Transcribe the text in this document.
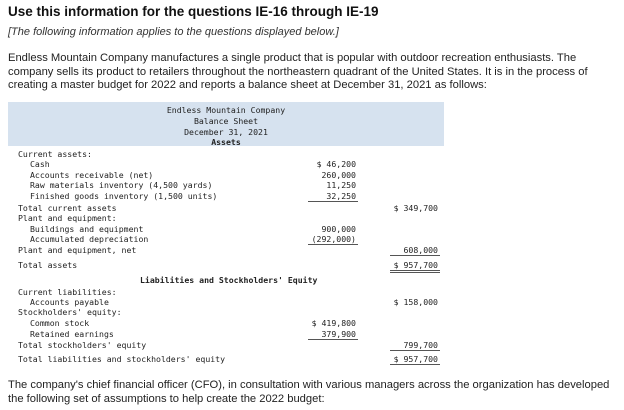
Use this information for the questions IE-16 through IE-19
[The following information applies to the questions displayed below.]
Endless Mountain Company manufactures a single product that is popular with outdoor recreation enthusiasts. The company sells its product to retailers throughout the northeastern quadrant of the United States. It is in the process of creating a master budget for 2022 and reports a balance sheet at December 31, 2021 as follows:
Endless Mountain Company
Balance Sheet
December 31, 2021
Assets
Current assets:
Cash	$ 46,200
Accounts receivable (net)	260,000
Raw materials inventory (4,500 yards)	11,250
Finished goods inventory (1,500 units)	32,250
Total current assets	$ 349,700
Plant and equipment:
Buildings and equipment	900,000
Accumulated depreciation	(292,000)
Plant and equipment, net	608,000
Total assets	$ 957,700
Liabilities and Stockholders' Equity
Current liabilities:
Accounts payable	$ 158,000
Stockholders' equity:
Common stock	$ 419,800
Retained earnings	379,900
Total stockholders' equity	799,700
Total liabilities and stockholders' equity	$ 957,700
The company's chief financial officer (CFO), in consultation with various managers across the organization has developed the following set of assumptions to help create the 2022 budget:
